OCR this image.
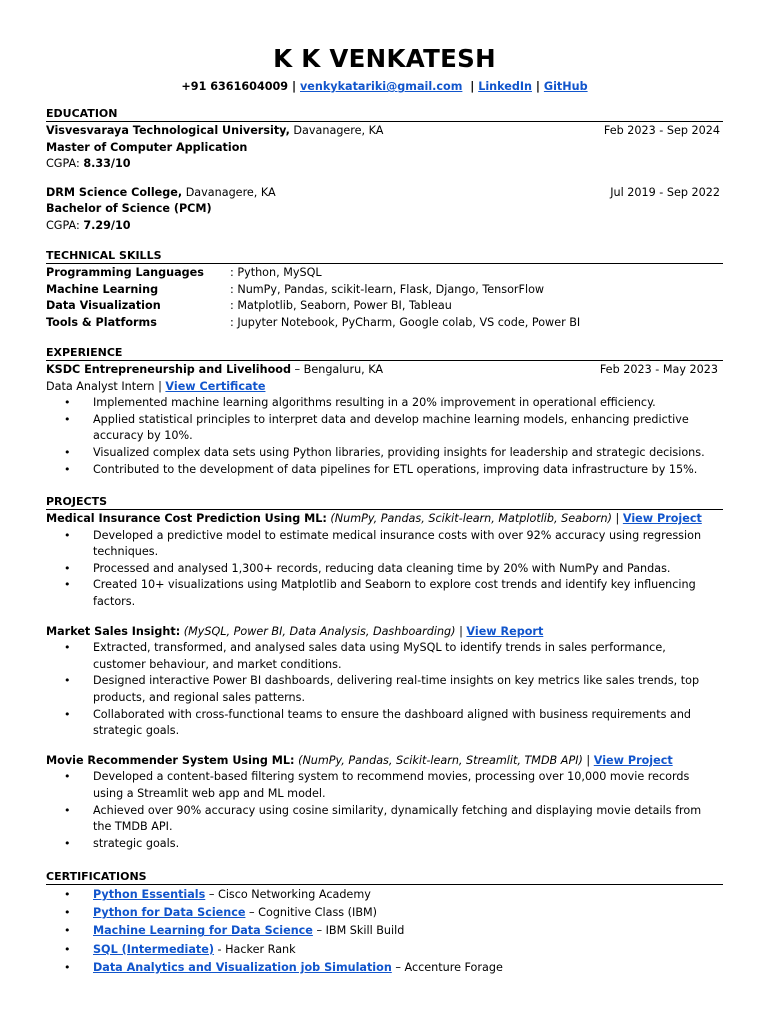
K K VENKATESH
+91 6361604009 | venkykatariki@gmail.com | LinkedIn | GitHub
EDUCATION
Visvesvaraya Technological University, Davanagere, KA	Feb 2023 - Sep 2024
Master of Computer Application
CGPA: 8.33/10
DRM Science College, Davanagere, KA	Jul 2019 - Sep 2022
Bachelor of Science (PCM)
CGPA: 7.29/10
TECHNICAL SKILLS
Programming Languages : Python, MySQL
Machine Learning	: NumPy, Pandas, scikit-learn, Flask, Django, TensorFlow
Data Visualization	: Matplotlib, Seaborn, Power BI, Tableau
Tools & Platforms	: Jupyter Notebook, PyCharm, Google colab, VS code, Power BI
EXPERIENCE
KSDC Entrepreneurship and Livelihood – Bengaluru, KA	Feb 2023 - May 2023
Data Analyst Intern | View Certificate
• Implemented machine learning algorithms resulting in a 20% improvement in operational efficiency.
• Applied statistical principles to interpret data and develop machine learning models, enhancing predictive accuracy by 10%.
• Visualized complex data sets using Python libraries, providing insights for leadership and strategic decisions.
• Contributed to the development of data pipelines for ETL operations, improving data infrastructure by 15%.
PROJECTS
Medical Insurance Cost Prediction Using ML: (NumPy, Pandas, Scikit-learn, Matplotlib, Seaborn) | View Project
• Developed a predictive model to estimate medical insurance costs with over 92% accuracy using regression techniques.
• Processed and analysed 1,300+ records, reducing data cleaning time by 20% with NumPy and Pandas.
• Created 10+ visualizations using Matplotlib and Seaborn to explore cost trends and identify key influencing factors.
Market Sales Insight: (MySQL, Power BI, Data Analysis, Dashboarding) | View Report
• Extracted, transformed, and analysed sales data using MySQL to identify trends in sales performance, customer behaviour, and market conditions.
• Designed interactive Power BI dashboards, delivering real-time insights on key metrics like sales trends, top products, and regional sales patterns.
• Collaborated with cross-functional teams to ensure the dashboard aligned with business requirements and strategic goals.
Movie Recommender System Using ML: (NumPy, Pandas, Scikit-learn, Streamlit, TMDB API) | View Project
• Developed a content-based filtering system to recommend movies, processing over 10,000 movie records using a Streamlit web app and ML model.
• Achieved over 90% accuracy using cosine similarity, dynamically fetching and displaying movie details from the TMDB API.
• strategic goals.
CERTIFICATIONS
• Python Essentials – Cisco Networking Academy
• Python for Data Science – Cognitive Class (IBM)
• Machine Learning for Data Science – IBM Skill Build
• SQL (Intermediate) - Hacker Rank
• Data Analytics and Visualization job Simulation – Accenture Forage
